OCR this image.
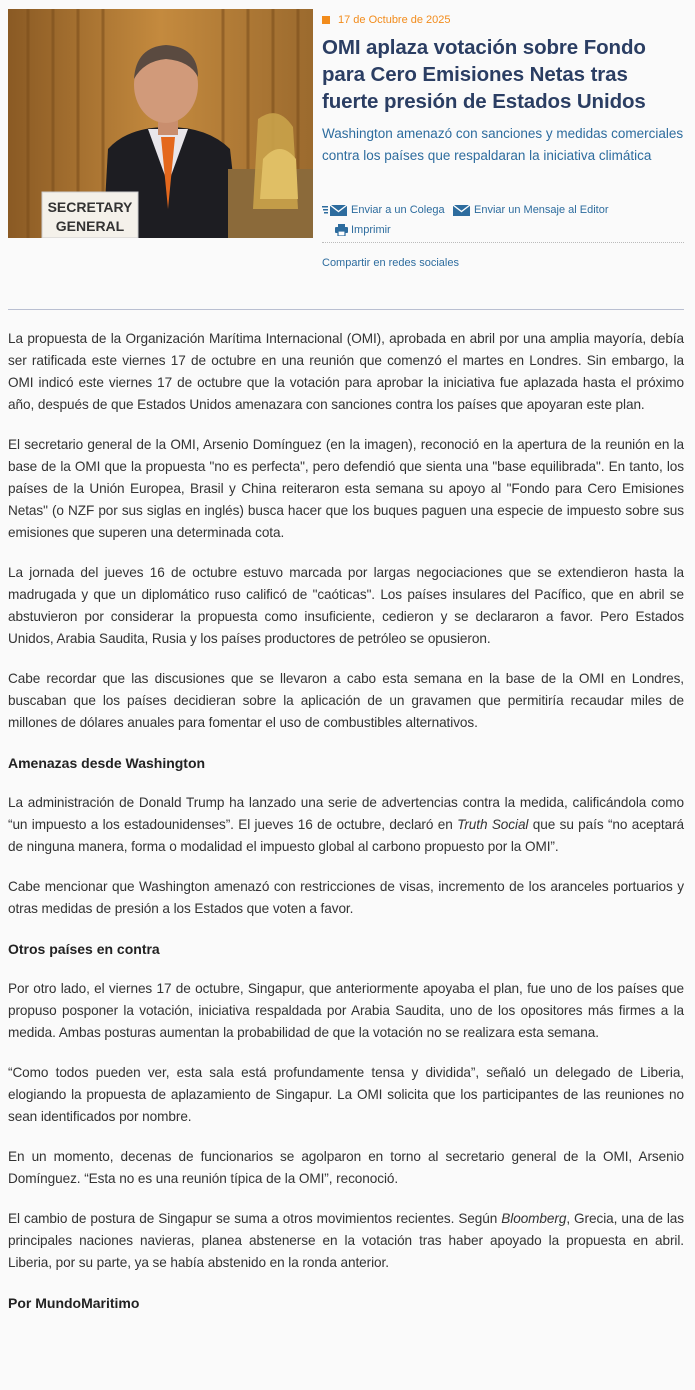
SECRETARY
GENERAL
17 de Octubre de 2025
OMI aplaza votación sobre Fondo para Cero Emisiones Netas tras fuerte presión de Estados Unidos

Washington amenazó con sanciones y medidas comerciales contra los países que respaldaran la iniciativa climática

Enviar a un Colega	Enviar un Mensaje al Editor
Imprimir
Compartir en redes sociales

La propuesta de la Organización Marítima Internacional (OMI), aprobada en abril por una amplia mayoría, debía ser ratificada este viernes 17 de octubre en una reunión que comenzó el martes en Londres. Sin embargo, la OMI indicó este viernes 17 de octubre que la votación para aprobar la iniciativa fue aplazada hasta el próximo año, después de que Estados Unidos amenazara con sanciones contra los países que apoyaran este plan.

El secretario general de la OMI, Arsenio Domínguez (en la imagen), reconoció en la apertura de la reunión en la base de la OMI que la propuesta "no es perfecta", pero defendió que sienta una "base equilibrada". En tanto, los países de la Unión Europea, Brasil y China reiteraron esta semana su apoyo al "Fondo para Cero Emisiones Netas" (o NZF por sus siglas en inglés) busca hacer que los buques paguen una especie de impuesto sobre sus emisiones que superen una determinada cota.

La jornada del jueves 16 de octubre estuvo marcada por largas negociaciones que se extendieron hasta la madrugada y que un diplomático ruso calificó de "caóticas". Los países insulares del Pacífico, que en abril se abstuvieron por considerar la propuesta como insuficiente, cedieron y se declararon a favor. Pero Estados Unidos, Arabia Saudita, Rusia y los países productores de petróleo se opusieron.

Cabe recordar que las discusiones que se llevaron a cabo esta semana en la base de la OMI en Londres, buscaban que los países decidieran sobre la aplicación de un gravamen que permitiría recaudar miles de millones de dólares anuales para fomentar el uso de combustibles alternativos.

Amenazas desde Washington

La administración de Donald Trump ha lanzado una serie de advertencias contra la medida, calificándola como “un impuesto a los estadounidenses”. El jueves 16 de octubre, declaró en Truth Social que su país “no aceptará de ninguna manera, forma o modalidad el impuesto global al carbono propuesto por la OMI”.

Cabe mencionar que Washington amenazó con restricciones de visas, incremento de los aranceles portuarios y otras medidas de presión a los Estados que voten a favor.

Otros países en contra

Por otro lado, el viernes 17 de octubre, Singapur, que anteriormente apoyaba el plan, fue uno de los países que propuso posponer la votación, iniciativa respaldada por Arabia Saudita, uno de los opositores más firmes a la medida. Ambas posturas aumentan la probabilidad de que la votación no se realizara esta semana.

“Como todos pueden ver, esta sala está profundamente tensa y dividida”, señaló un delegado de Liberia, elogiando la propuesta de aplazamiento de Singapur. La OMI solicita que los participantes de las reuniones no sean identificados por nombre.

En un momento, decenas de funcionarios se agolparon en torno al secretario general de la OMI, Arsenio Domínguez. “Esta no es una reunión típica de la OMI”, reconoció.

El cambio de postura de Singapur se suma a otros movimientos recientes. Según Bloomberg, Grecia, una de las principales naciones navieras, planea abstenerse en la votación tras haber apoyado la propuesta en abril. Liberia, por su parte, ya se había abstenido en la ronda anterior.

Por MundoMaritimo
